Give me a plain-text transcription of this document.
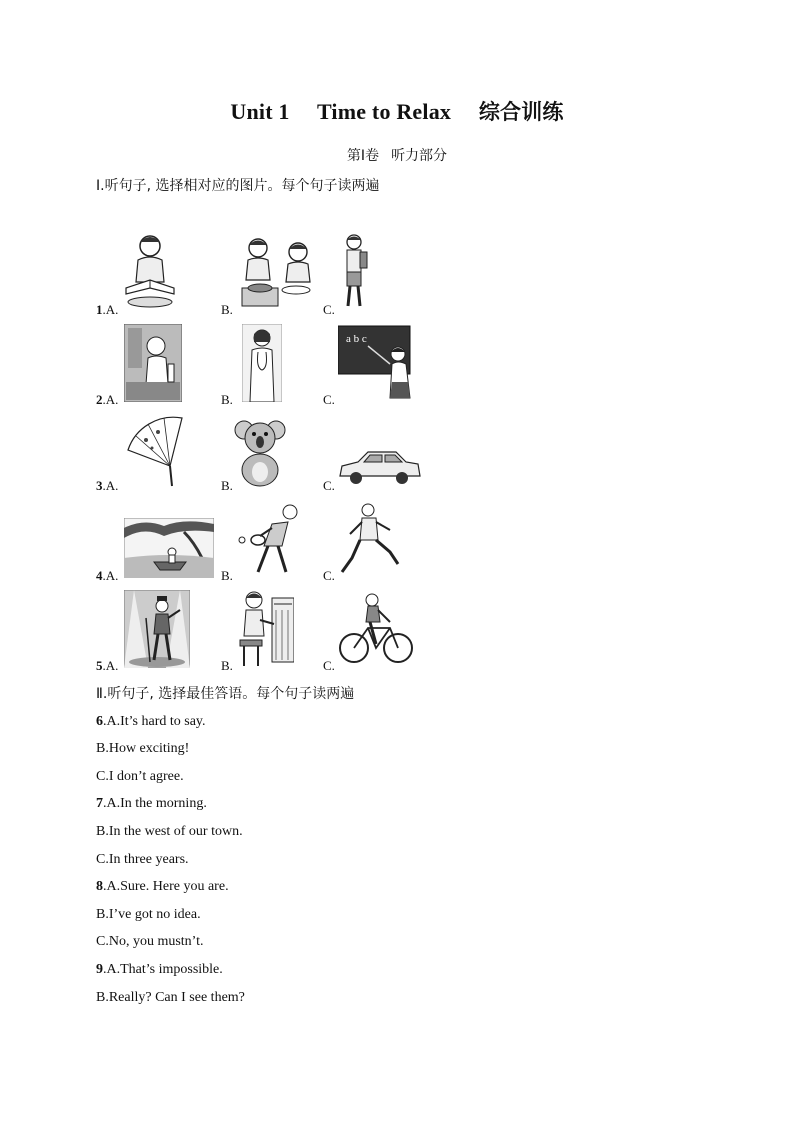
Unit 1 Time to Relax 综合训练
第Ⅰ卷 听力部分
Ⅰ.听句子, 选择相对应的图片。每个句子读两遍
1.A.	B.	C.
2.A.	B.	C.
a b c
3.A.	B.	C.
4.A.	B.	C.
5.A.	B.	C.
Ⅱ.听句子, 选择最佳答语。每个句子读两遍
6.A.It’s hard to say.
B.How exciting!
C.I don’t agree.
7.A.In the morning.
B.In the west of our town.
C.In three years.
8.A.Sure. Here you are.
B.I’ve got no idea.
C.No, you mustn’t.
9.A.That’s impossible.
B.Really? Can I see them?
